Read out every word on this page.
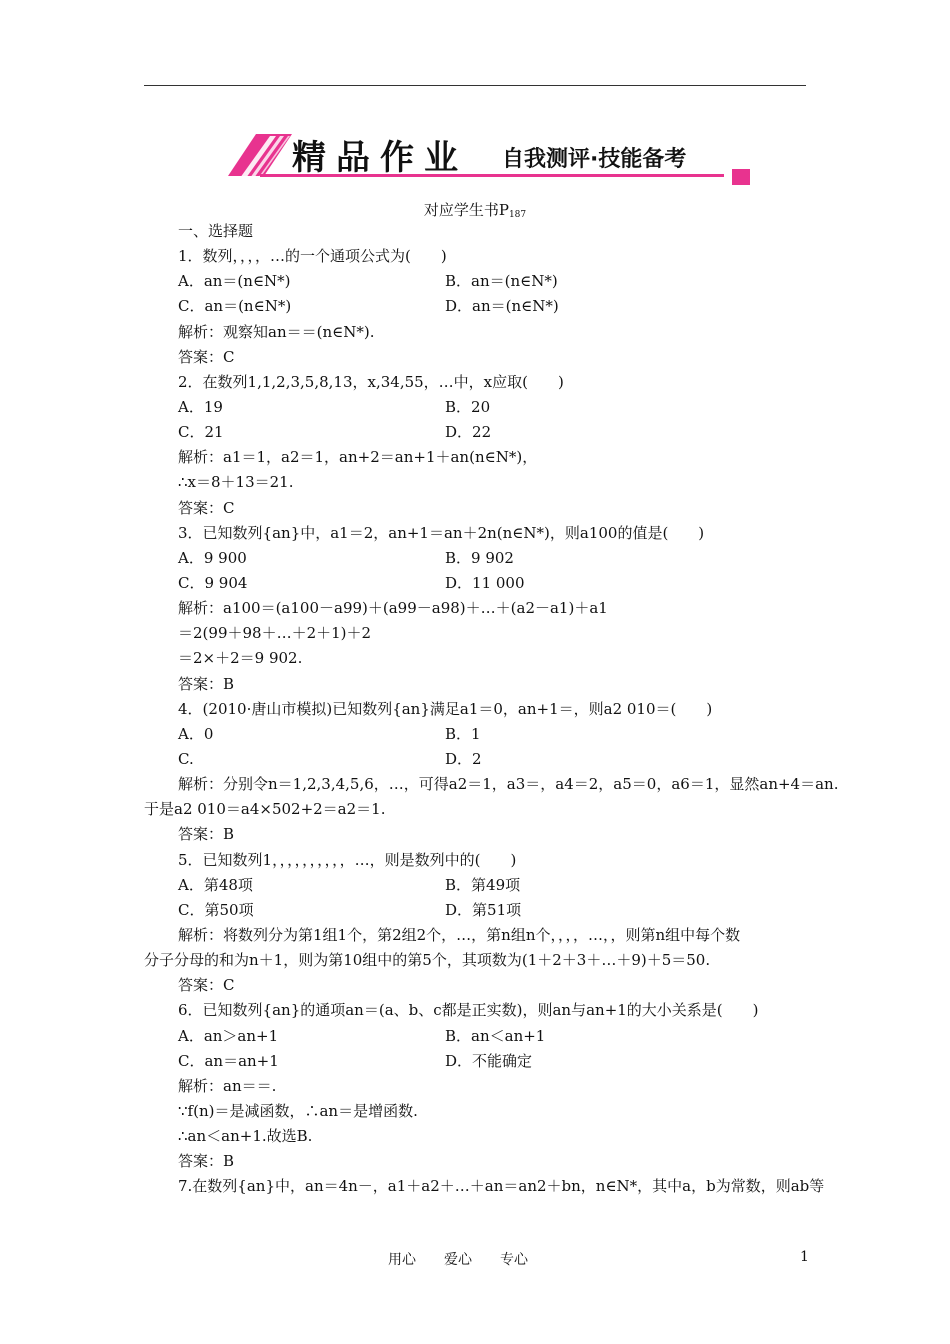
精品作业 自我测评·技能备考
对应学生书$P_{187}$
一、选择题
1．数列，，，，…的一个通项公式为(　　)
A．an＝(n∈N*)	B．an＝(n∈N*)
C．an＝(n∈N*)	D．an＝(n∈N*)
解析：观察知an＝＝(n∈N*).
答案：C
2．在数列1,1,2,3,5,8,13，x,34,55，…中，x应取(　　)
A．19	B．20
C．21	D．22
解析：a1＝1，a2＝1，an+2＝an+1＋an(n∈N*)，
∴x＝8＋13＝21.
答案：C
3．已知数列{an}中，a1＝2，an+1＝an＋2n(n∈N*)，则a100的值是(　　)
A．9 900	B．9 902
C．9 904	D．11 000
解析：a100＝(a100－a99)＋(a99－a98)＋…＋(a2－a1)＋a1
＝2(99＋98＋…＋2＋1)＋2
＝2×＋2＝9 902.
答案：B
4．(2010·唐山市模拟)已知数列{an}满足a1＝0，an+1＝，则a2 010＝(　　)
A．0	B．1
C.	D．2
解析：分别令n＝1,2,3,4,5,6，…，可得a2＝1，a3＝，a4＝2，a5＝0，a6＝1，显然an+4＝an.
于是a2 010＝a4×502+2＝a2＝1.
答案：B
5．已知数列1，，，，，，，，，，…，则是数列中的(　　)
A．第48项	B．第49项
C．第50项	D．第51项
解析：将数列分为第1组1个，第2组2个，…，第n组n个，，，，…，，则第n组中每个数
分子分母的和为n＋1，则为第10组中的第5个，其项数为(1＋2＋3＋…＋9)＋5＝50.
答案：C
6．已知数列{an}的通项an＝(a、b、c都是正实数)，则an与an+1的大小关系是(　　)
A．an＞an+1	B．an＜an+1
C．an＝an+1	D．不能确定
解析：an＝＝.
∵f(n)＝是减函数，∴an＝是增函数.
∴an＜an+1.故选B.
答案：B
7.在数列{an}中，an＝4n－，a1＋a2＋…＋an＝an2＋bn，n∈N*，其中a，b为常数，则ab等
用心　　爱心　　专心	1
